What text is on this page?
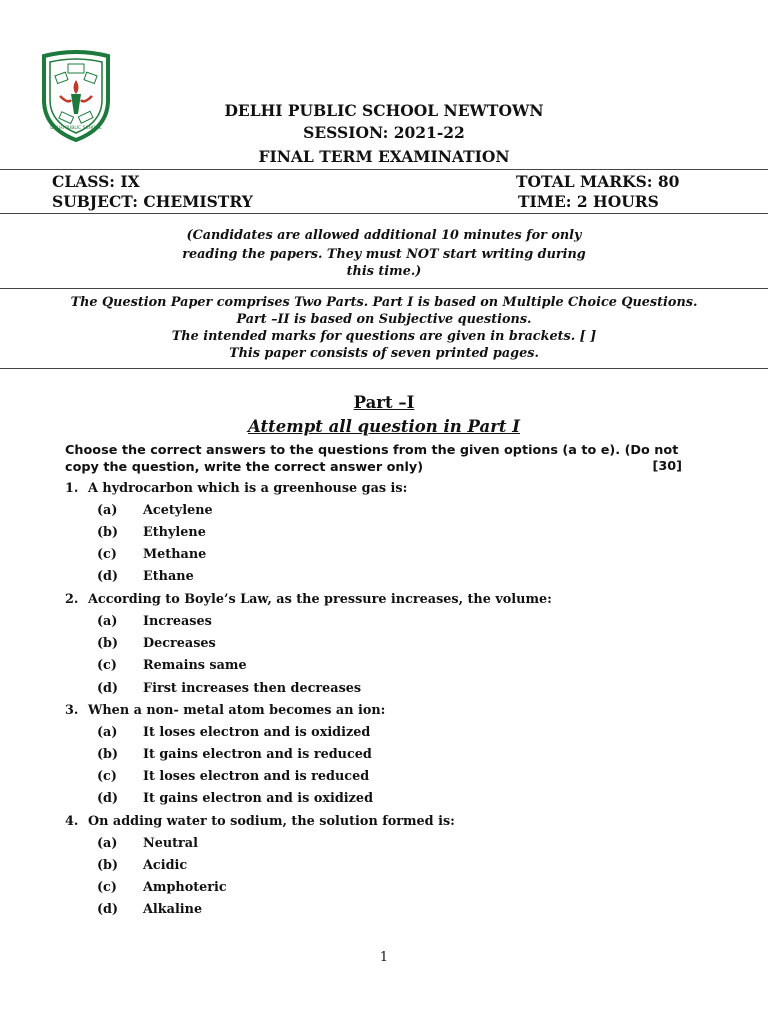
DELHI PUBLIC SCHOOL
DELHI PUBLIC SCHOOL NEWTOWN
SESSION: 2021-22
FINAL TERM EXAMINATION
CLASS: IX	TOTAL MARKS: 80
SUBJECT: CHEMISTRY	TIME: 2 HOURS
(Candidates are allowed additional 10 minutes for only
reading the papers. They must NOT start writing during
this time.)
The Question Paper comprises Two Parts. Part I is based on Multiple Choice Questions.
Part –II is based on Subjective questions.
The intended marks for questions are given in brackets. [ ]
This paper consists of seven printed pages.
Part –I
Attempt all question in Part I
Choose the correct answers to the questions from the given options (a to e). (Do not copy the question, write the correct answer only)	[30]
1. A hydrocarbon which is a greenhouse gas is:
(a) Acetylene
(b) Ethylene
(c) Methane
(d) Ethane
2. According to Boyle’s Law, as the pressure increases, the volume:
(a) Increases
(b) Decreases
(c) Remains same
(d) First increases then decreases
3. When a non- metal atom becomes an ion:
(a) It loses electron and is oxidized
(b) It gains electron and is reduced
(c) It loses electron and is reduced
(d) It gains electron and is oxidized
4. On adding water to sodium, the solution formed is:
(a) Neutral
(b) Acidic
(c) Amphoteric
(d) Alkaline
1
